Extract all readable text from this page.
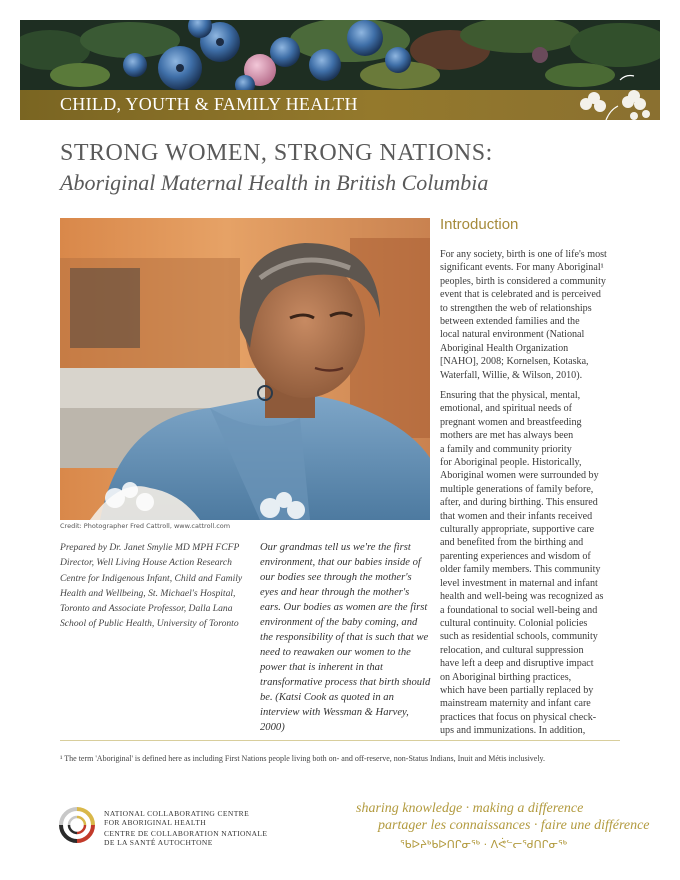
CHILD, YOUTH & FAMILY HEALTH
STRONG WOMEN, STRONG NATIONS:
Aboriginal Maternal Health in British Columbia
Credit: Photographer Fred Cattroll, www.cattroll.com
Prepared by Dr. Janet Smylie MD MPH FCFP Director, Well Living House Action Research Centre for Indigenous Infant, Child and Family Health and Wellbeing, St. Michael's Hospital, Toronto and Associate Professor, Dalla Lana School of Public Health, University of Toronto
Our grandmas tell us we're the first environment, that our babies inside of our bodies see through the mother's eyes and hear through the mother's ears. Our bodies as women are the first environment of the baby coming, and the responsibility of that is such that we need to reawaken our women to the power that is inherent in that transformative process that birth should be. (Katsi Cook as quoted in an interview with Wessman & Harvey, 2000)
Introduction
For any society, birth is one of life's most
significant events. For many Aboriginal¹
peoples, birth is considered a community
event that is celebrated and is perceived
to strengthen the web of relationships
between extended families and the
local natural environment (National
Aboriginal Health Organization
[NAHO], 2008; Kornelsen, Kotaska,
Waterfall, Willie, & Wilson, 2010).
Ensuring that the physical, mental,
emotional, and spiritual needs of
pregnant women and breastfeeding
mothers are met has always been
a family and community priority
for Aboriginal people. Historically,
Aboriginal women were surrounded by
multiple generations of family before,
after, and during birthing. This ensured
that women and their infants received
culturally appropriate, supportive care
and benefited from the birthing and
parenting experiences and wisdom of
older family members. This community
level investment in maternal and infant
health and well-being was recognized as
a foundational to social well-being and
cultural continuity. Colonial policies
such as residential schools, community
relocation, and cultural suppression
have left a deep and disruptive impact
on Aboriginal birthing practices,
which have been partially replaced by
mainstream maternity and infant care
practices that focus on physical check-
ups and immunizations. In addition,
¹ The term 'Aboriginal' is defined here as including First Nations people living both on- and off-reserve, non-Status Indians, Inuit and Métis inclusively.
NATIONAL COLLABORATING CENTRE
FOR ABORIGINAL HEALTH
CENTRE DE COLLABORATION NATIONALE
DE LA SANTÉ AUTOCHTONE
sharing knowledge · making a difference
partager les connaissances · faire une différence
ᖃᐅᔨᒃᑲᐅᑎᒋᓂᖅ · ᐱᕚᓪᓕᖁᑎᒋᓂᖅ
